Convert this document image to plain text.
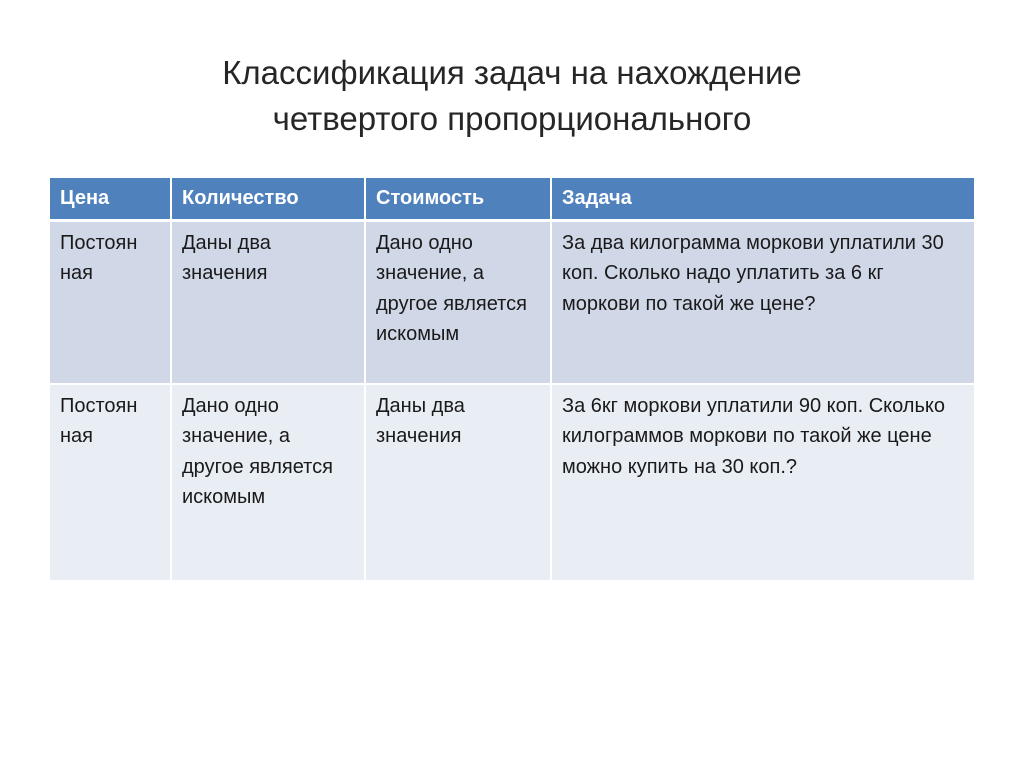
Классификация задач на нахождение
четвертого пропорционального
Цена	Количество	Стоимость	Задача
Постоян ная	Даны два значения	Дано одно значение, а другое является искомым	За два килограмма моркови уплатили 30 коп. Сколько надо уплатить за 6 кг моркови по такой же цене?
Постоян ная	Дано одно значение, а другое является искомым	Даны два значения	За 6кг моркови уплатили 90 коп. Сколько килограммов моркови по такой же цене можно купить на 30 коп.?
